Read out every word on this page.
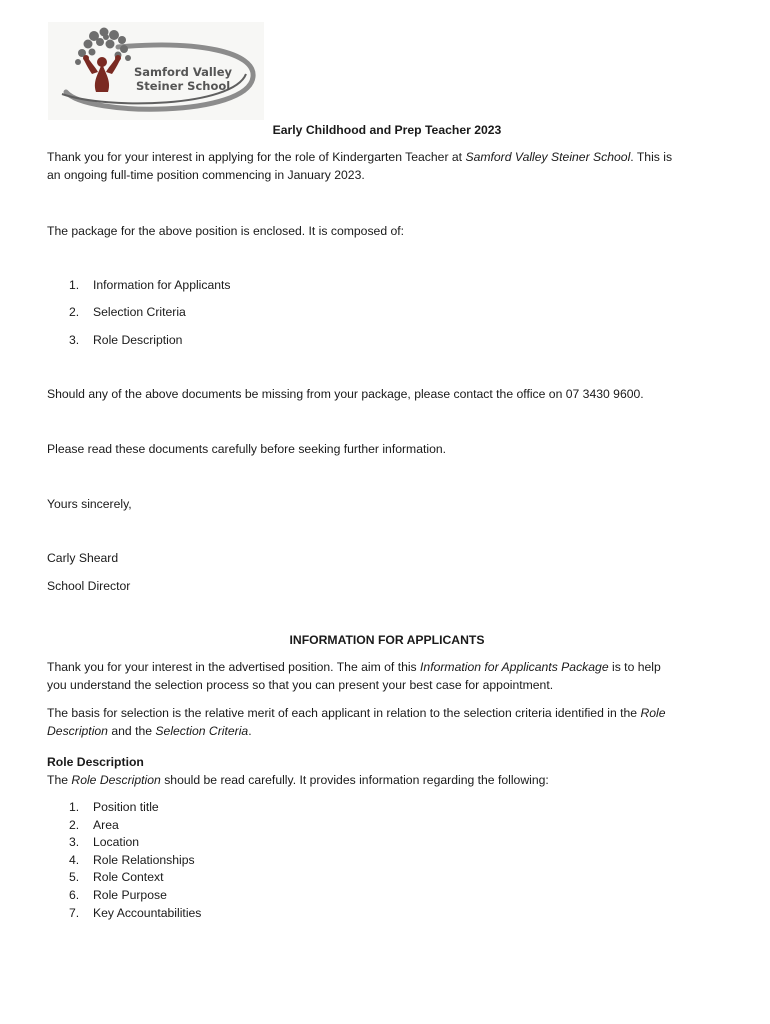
Samford Valley
Steiner School

Early Childhood and Prep Teacher 2023

Thank you for your interest in applying for the role of Kindergarten Teacher at Samford Valley Steiner School. This is
an ongoing full-time position commencing in January 2023.

The package for the above position is enclosed. It is composed of:

1. Information for Applicants
2. Selection Criteria
3. Role Description

Should any of the above documents be missing from your package, please contact the office on 07 3430 9600.

Please read these documents carefully before seeking further information.

Yours sincerely,

Carly Sheard

School Director

INFORMATION FOR APPLICANTS

Thank you for your interest in the advertised position. The aim of this Information for Applicants Package is to help
you understand the selection process so that you can present your best case for appointment.

The basis for selection is the relative merit of each applicant in relation to the selection criteria identified in the Role
Description and the Selection Criteria.

Role Description

The Role Description should be read carefully. It provides information regarding the following:

1. Position title
2. Area
3. Location
4. Role Relationships
5. Role Context
6. Role Purpose
7. Key Accountabilities
